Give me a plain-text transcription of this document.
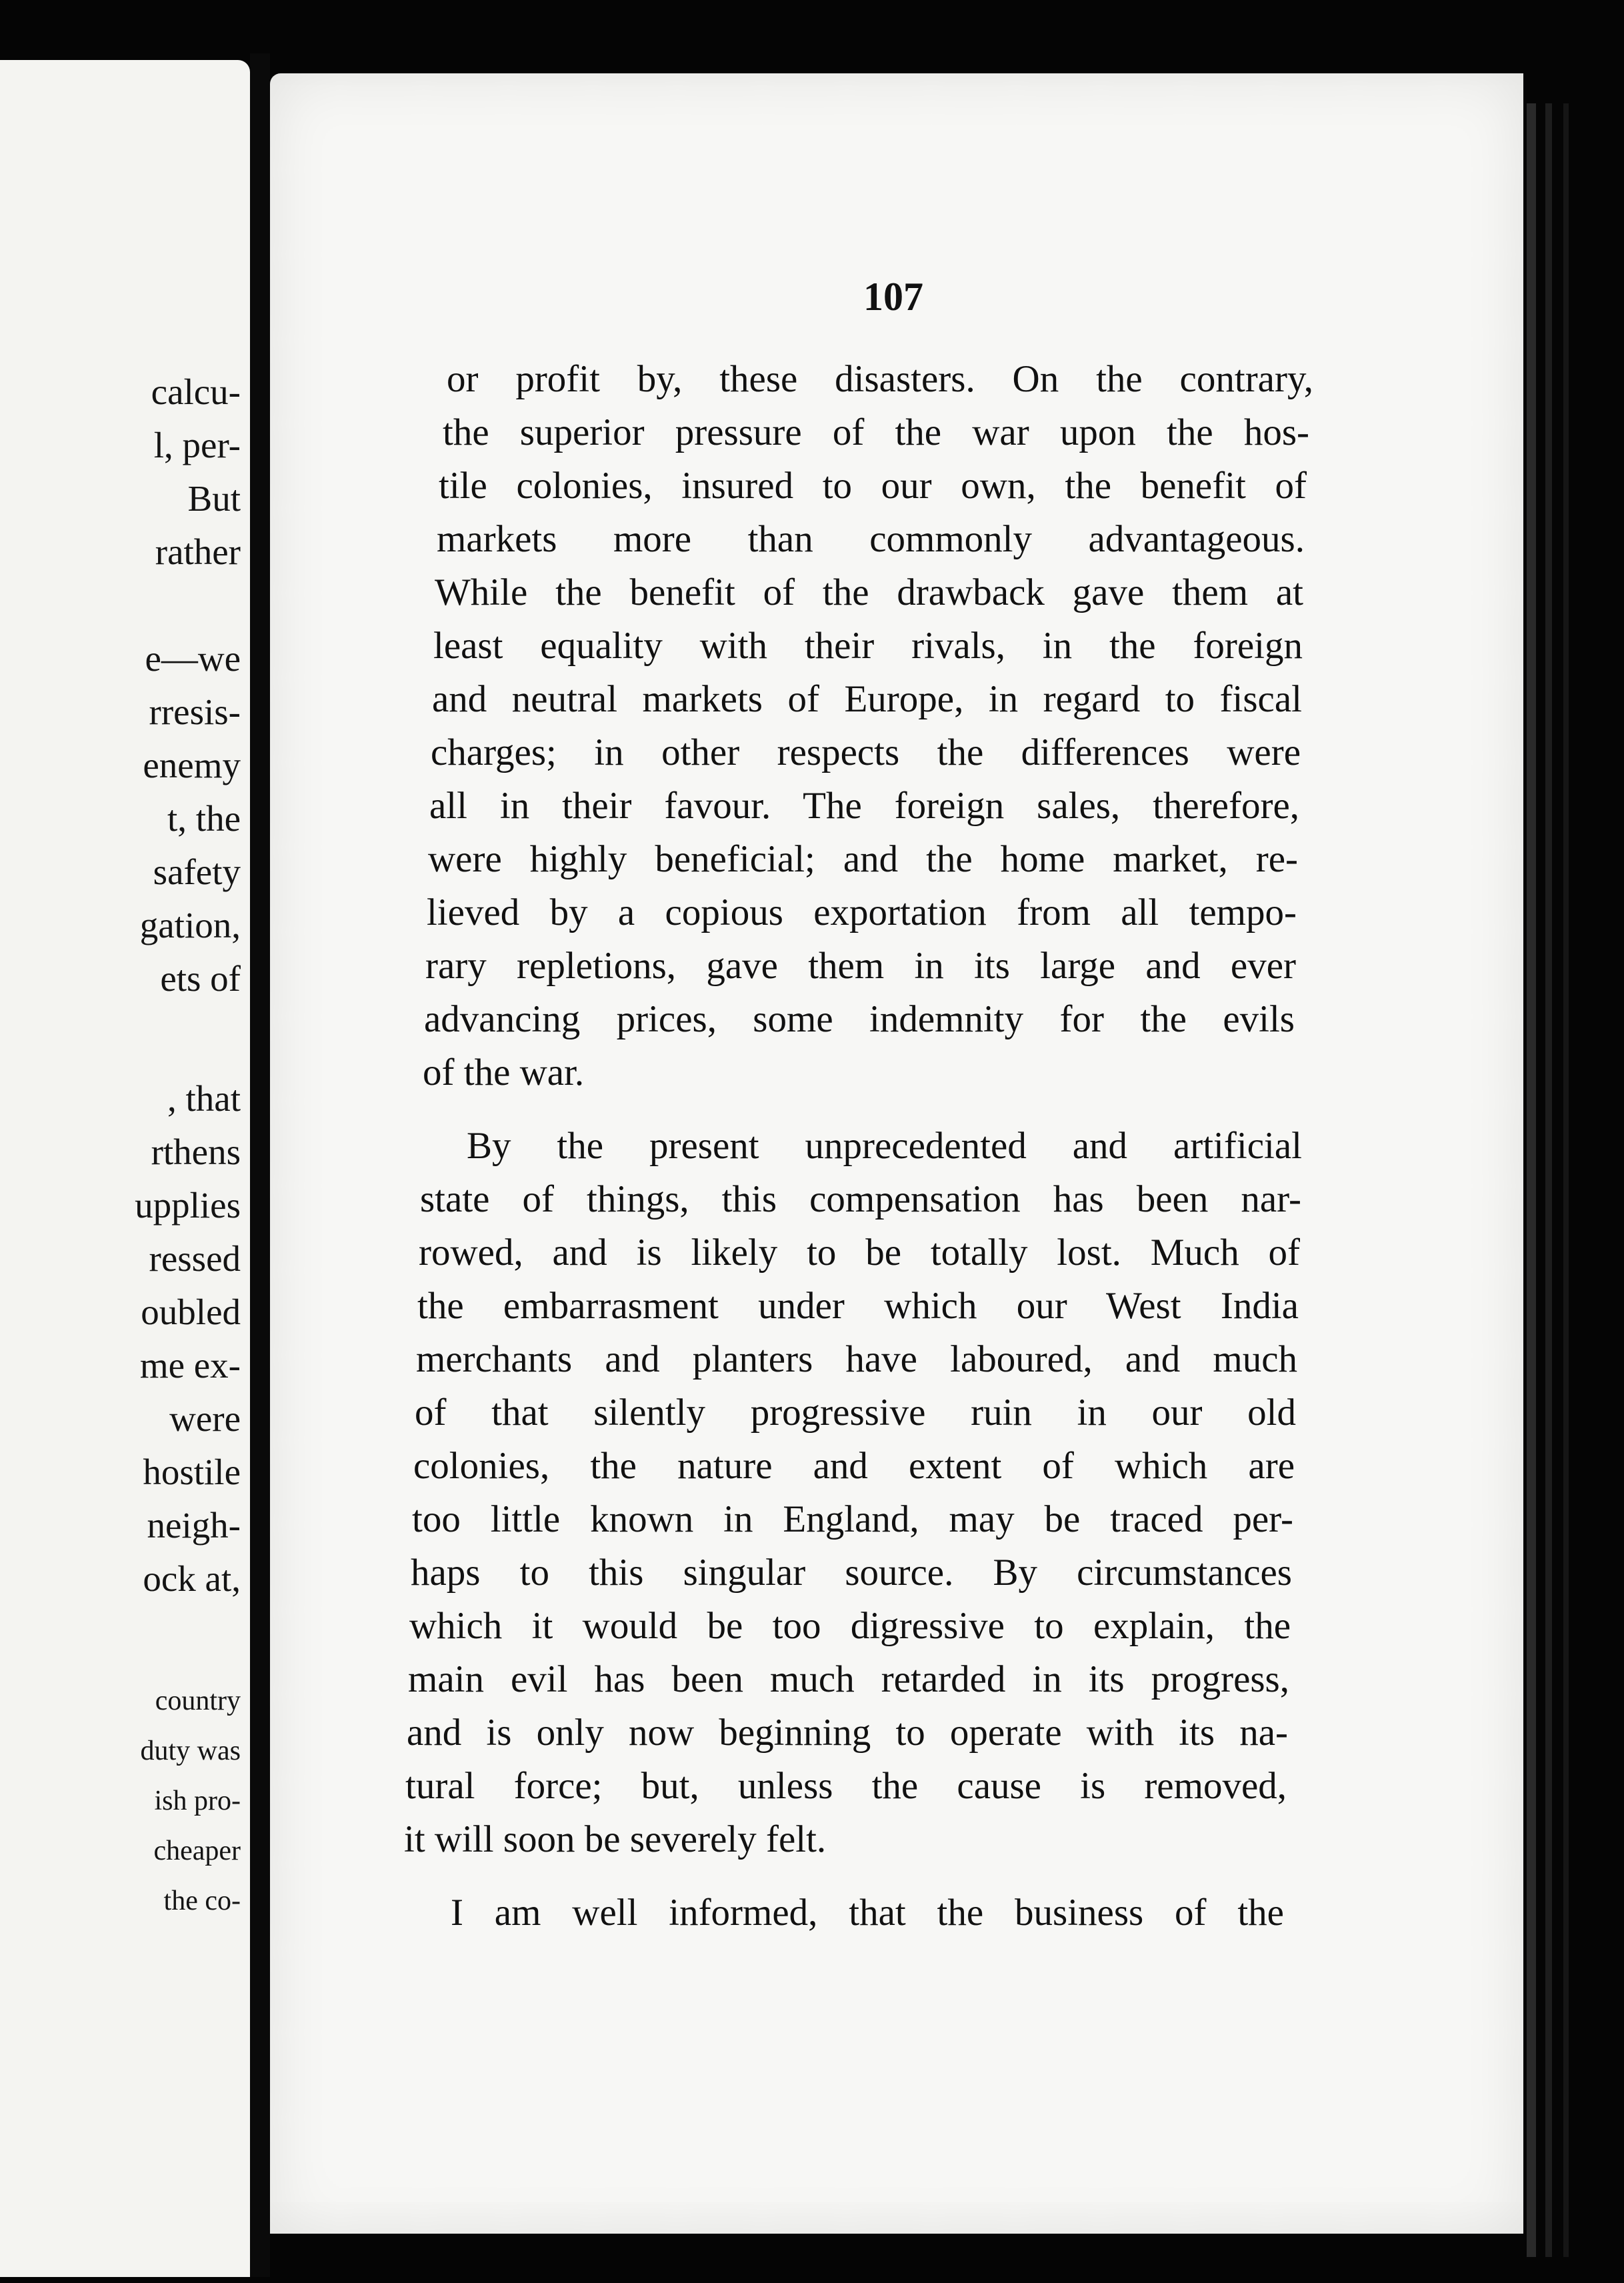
calcu-
l, per-
But
rather
e—we
rresis-
enemy
t, the
safety
gation,
ets of
, that
rthens
upplies
ressed
oubled
me ex-
were
hostile
neigh-
ock at,
country
duty was
ish pro-
cheaper
the co-
107
or profit by, these disasters. On the contrary,
the superior pressure of the war upon the hos-
tile colonies, insured to our own, the benefit of
markets more than commonly advantageous.
While the benefit of the drawback gave them at
least equality with their rivals, in the foreign
and neutral markets of Europe, in regard to fiscal
charges; in other respects the differences were
all in their favour. The foreign sales, therefore,
were highly beneficial; and the home market, re-
lieved by a copious exportation from all tempo-
rary repletions, gave them in its large and ever
advancing prices, some indemnity for the evils
of the war.
By the present unprecedented and artificial
state of things, this compensation has been nar-
rowed, and is likely to be totally lost. Much of
the embarrasment under which our West India
merchants and planters have laboured, and much
of that silently progressive ruin in our old
colonies, the nature and extent of which are
too little known in England, may be traced per-
haps to this singular source. By circumstances
which it would be too digressive to explain, the
main evil has been much retarded in its progress,
and is only now beginning to operate with its na-
tural force; but, unless the cause is removed,
it will soon be severely felt.
I am well informed, that the business of the
